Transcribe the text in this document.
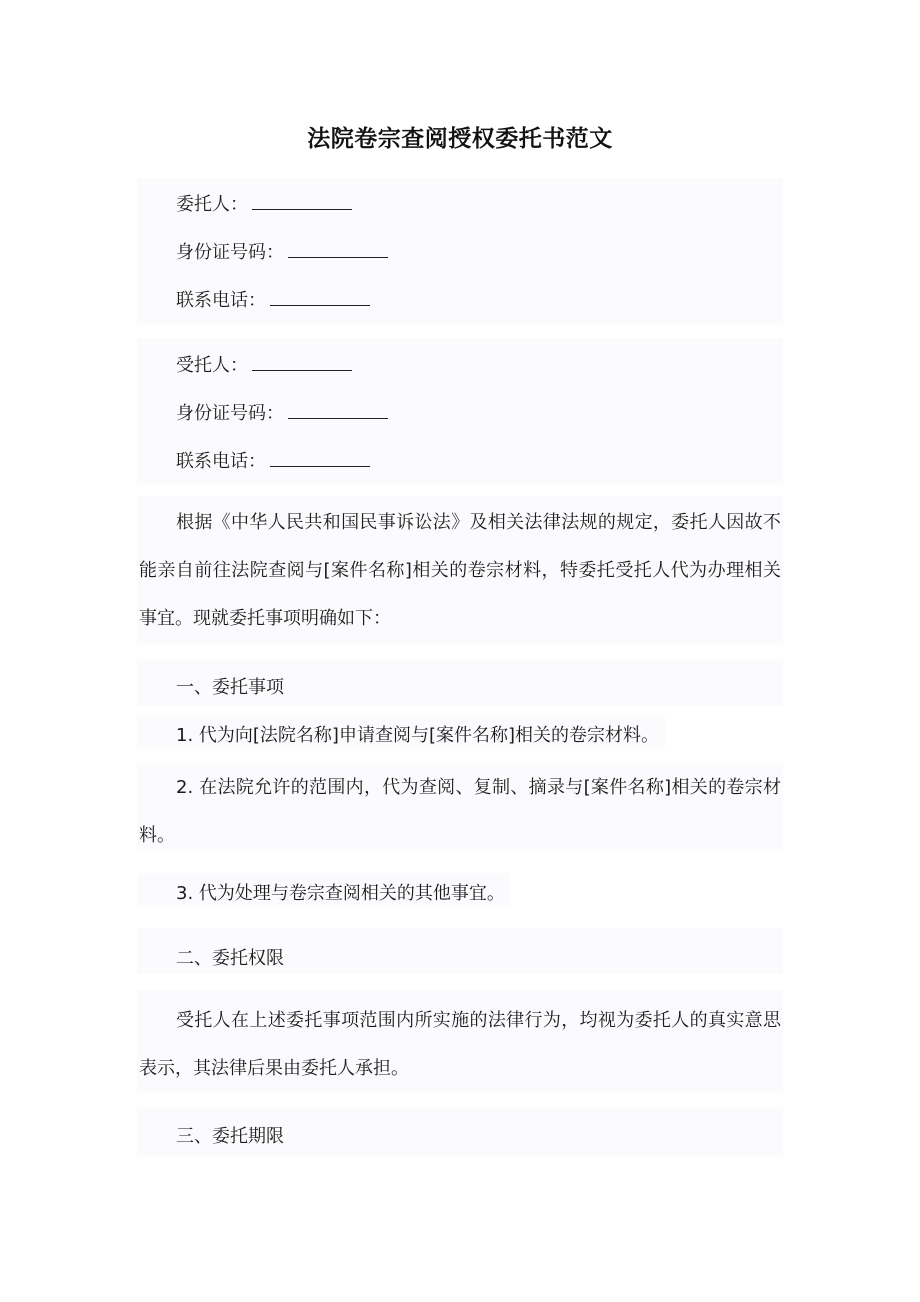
法院卷宗查阅授权委托书范文
委托人：
身份证号码：
联系电话：
受托人：
身份证号码：
联系电话：
根据《中华人民共和国民事诉讼法》及相关法律法规的规定，委托人因故不能亲自前往法院查阅与[案件名称]相关的卷宗材料，特委托受托人代为办理相关事宜。现就委托事项明确如下：
一、委托事项
1. 代为向[法院名称]申请查阅与[案件名称]相关的卷宗材料。
2. 在法院允许的范围内，代为查阅、复制、摘录与[案件名称]相关的卷宗材料。
3. 代为处理与卷宗查阅相关的其他事宜。
二、委托权限
受托人在上述委托事项范围内所实施的法律行为，均视为委托人的真实意思表示，其法律后果由委托人承担。
三、委托期限
